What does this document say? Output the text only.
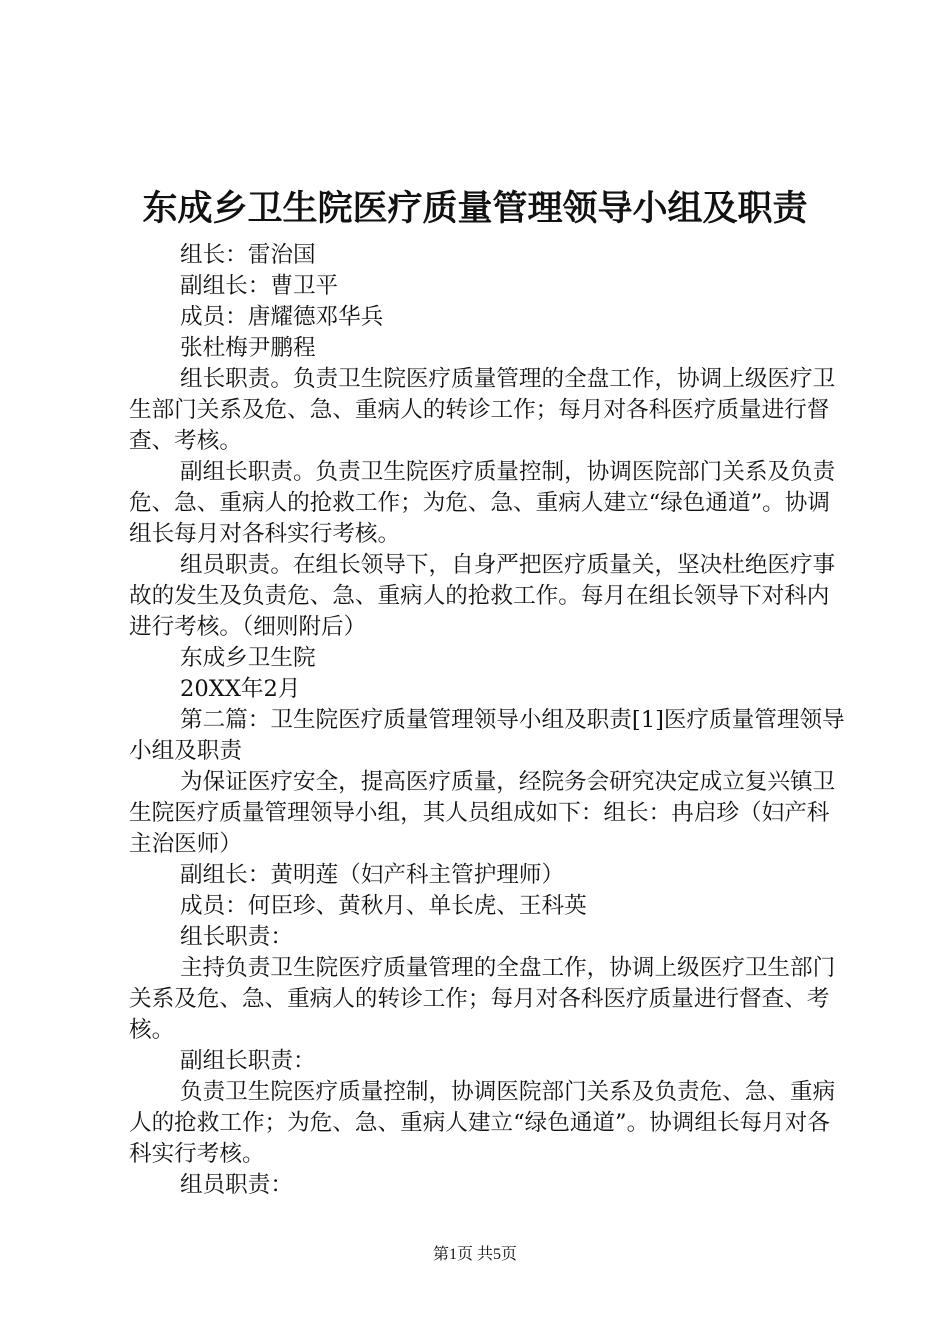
东成乡卫生院医疗质量管理领导小组及职责

组长：雷治国

副组长：曹卫平

成员：唐耀德邓华兵

张杜梅尹鹏程

组长职责。负责卫生院医疗质量管理的全盘工作，协调上级医疗卫生部门关系及危、急、重病人的转诊工作；每月对各科医疗质量进行督查、考核。

副组长职责。负责卫生院医疗质量控制，协调医院部门关系及负责危、急、重病人的抢救工作；为危、急、重病人建立“绿色通道”。协调组长每月对各科实行考核。

组员职责。在组长领导下，自身严把医疗质量关，坚决杜绝医疗事故的发生及负责危、急、重病人的抢救工作。每月在组长领导下对科内进行考核。（细则附后）

东成乡卫生院

20XX年2月

第二篇：卫生院医疗质量管理领导小组及职责[1]医疗质量管理领导小组及职责

为保证医疗安全，提高医疗质量，经院务会研究决定成立复兴镇卫生院医疗质量管理领导小组，其人员组成如下：组长：冉启珍（妇产科主治医师）

副组长：黄明莲（妇产科主管护理师）

成员：何臣珍、黄秋月、单长虎、王科英

组长职责：

主持负责卫生院医疗质量管理的全盘工作，协调上级医疗卫生部门关系及危、急、重病人的转诊工作；每月对各科医疗质量进行督查、考核。

副组长职责：

负责卫生院医疗质量控制，协调医院部门关系及负责危、急、重病人的抢救工作；为危、急、重病人建立“绿色通道”。协调组长每月对各科实行考核。

组员职责：

第1页 共5页
